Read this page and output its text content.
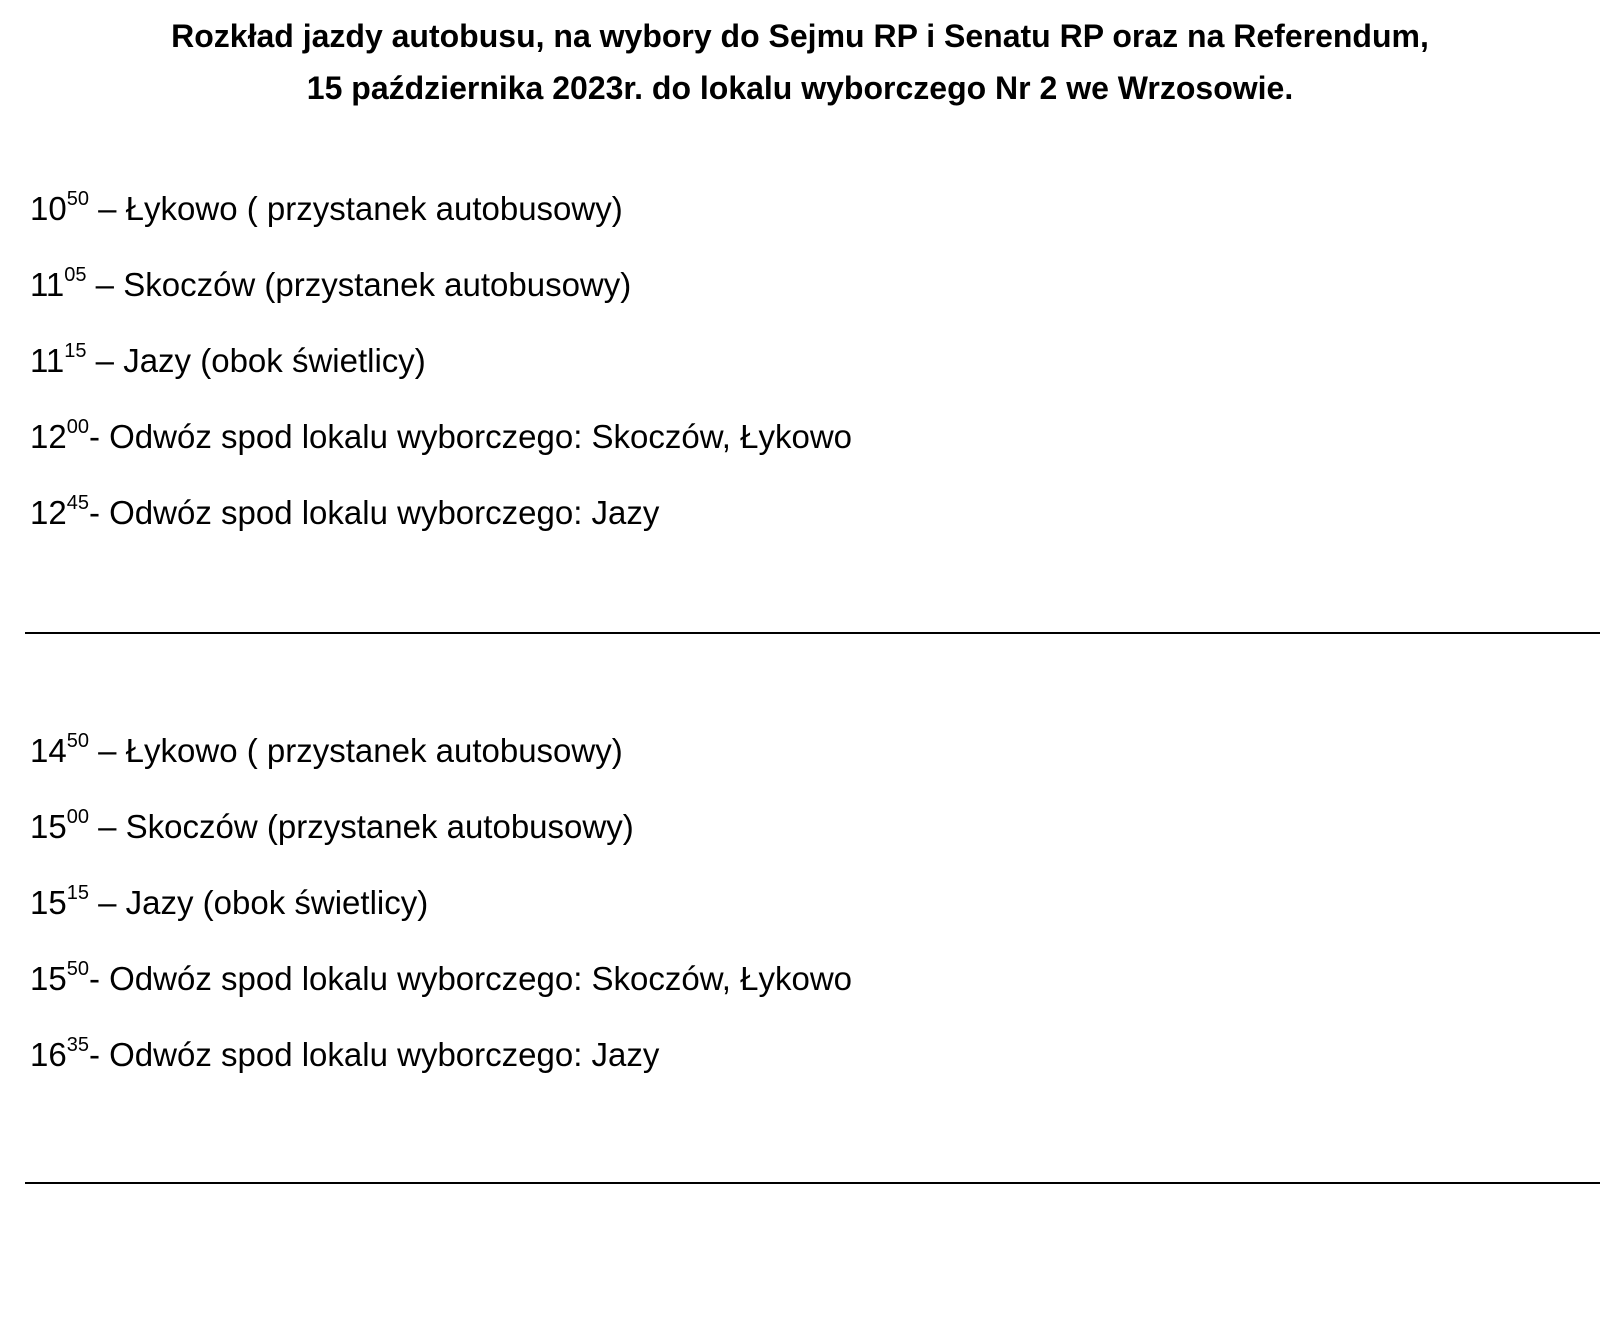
Rozkład jazdy autobusu, na wybory do Sejmu RP i Senatu RP oraz na Referendum,
15 października 2023r. do lokalu wyborczego Nr 2 we Wrzosowie.
$10^{50}$ – Łykowo ( przystanek autobusowy)
$11^{05}$ – Skoczów (przystanek autobusowy)
$11^{15}$ – Jazy (obok świetlicy)
$12^{00}-$ Odwóz spod lokalu wyborczego: Skoczów, Łykowo
$12^{45}-$ Odwóz spod lokalu wyborczego: Jazy
$14^{50}$ – Łykowo ( przystanek autobusowy)
$15^{00}$ – Skoczów (przystanek autobusowy)
$15^{15}$ – Jazy (obok świetlicy)
$15^{50}-$ Odwóz spod lokalu wyborczego: Skoczów, Łykowo
$16^{35}-$ Odwóz spod lokalu wyborczego: Jazy
